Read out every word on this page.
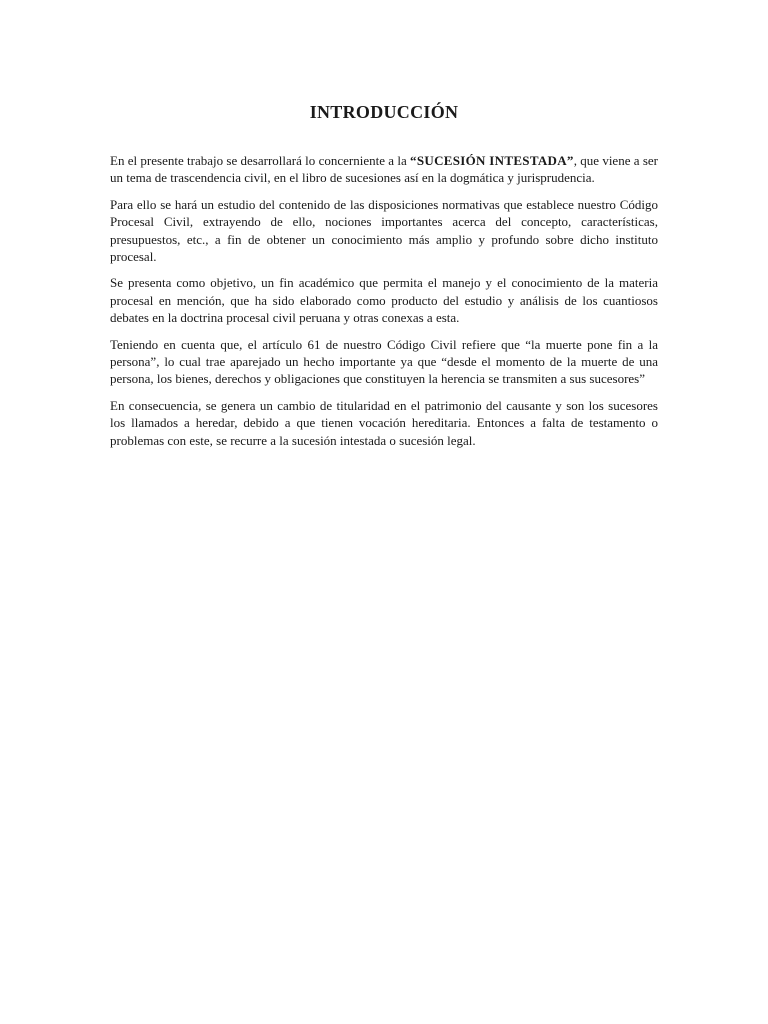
INTRODUCCIÓN

En el presente trabajo se desarrollará lo concerniente a la “SUCESIÓN INTESTADA”, que viene a ser un tema de trascendencia civil, en el libro de sucesiones así en la dogmática y jurisprudencia.

Para ello se hará un estudio del contenido de las disposiciones normativas que establece nuestro Código Procesal Civil, extrayendo de ello, nociones importantes acerca del concepto, características, presupuestos, etc., a fin de obtener un conocimiento más amplio y profundo sobre dicho instituto procesal.

Se presenta como objetivo, un fin académico que permita el manejo y el conocimiento de la materia procesal en mención, que ha sido elaborado como producto del estudio y análisis de los cuantiosos debates en la doctrina procesal civil peruana y otras conexas a esta.

Teniendo en cuenta que, el artículo 61 de nuestro Código Civil refiere que “la muerte pone fin a la persona”, lo cual trae aparejado un hecho importante ya que “desde el momento de la muerte de una persona, los bienes, derechos y obligaciones que constituyen la herencia se transmiten a sus sucesores”

En consecuencia, se genera un cambio de titularidad en el patrimonio del causante y son los sucesores los llamados a heredar, debido a que tienen vocación hereditaria. Entonces a falta de testamento o problemas con este, se recurre a la sucesión intestada o sucesión legal.
